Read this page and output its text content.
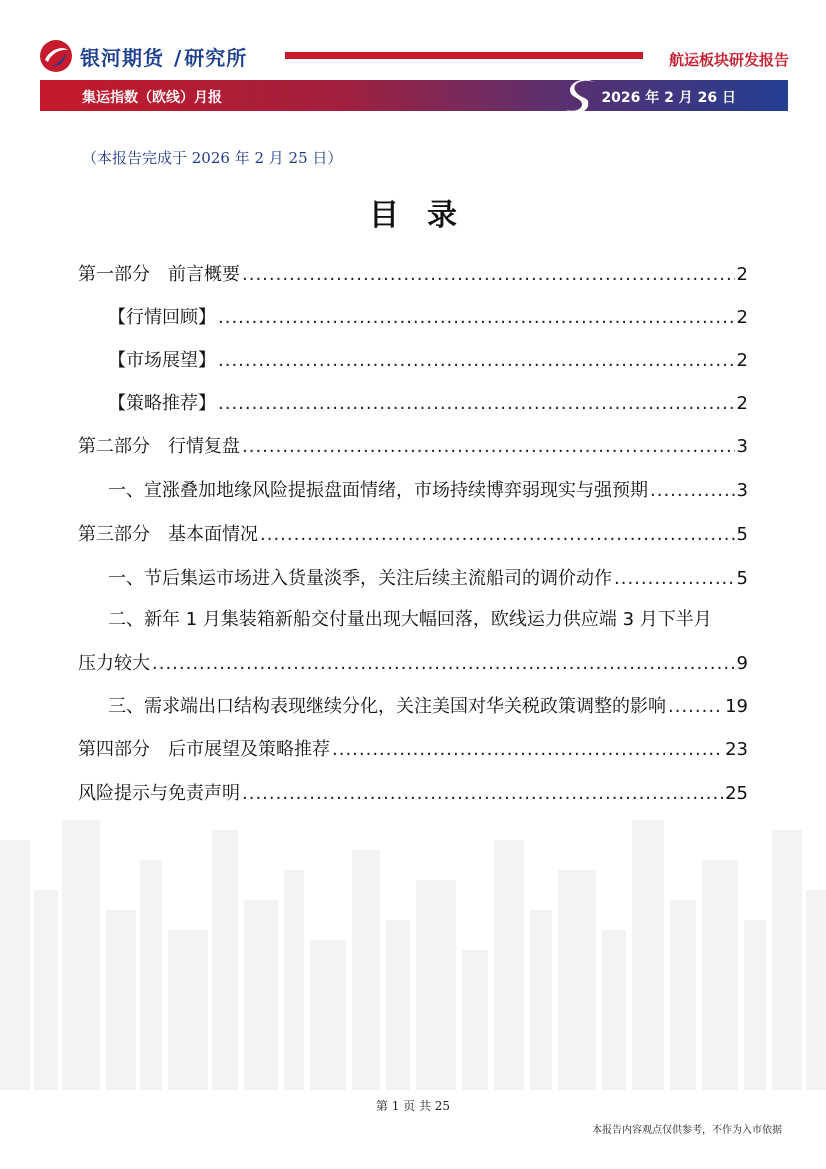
银河期货 / 研究所	航运板块研发报告
集运指数（欧线）月报	2026 年 2 月 26 日
（本报告完成于 2026 年 2 月 25 日）
目录
第一部分　前言概要 .....	2
【行情回顾】 .....	2
【市场展望】 .....	2
【策略推荐】 .....	2
第二部分　行情复盘 .....	3
一、宣涨叠加地缘风险提振盘面情绪，市场持续博弈弱现实与强预期 .....	3
第三部分　基本面情况 .....	5
一、节后集运市场进入货量淡季，关注后续主流船司的调价动作 .....	5
二、新年 1 月集装箱新船交付量出现大幅回落，欧线运力供应端 3 月下半月
压力较大 .....	9
三、需求端出口结构表现继续分化，关注美国对华关税政策调整的影响 .....	19
第四部分　后市展望及策略推荐 .....	23
风险提示与免责声明 .....	25
第 1 页 共 25
本报告内容观点仅供参考，不作为入市依据
